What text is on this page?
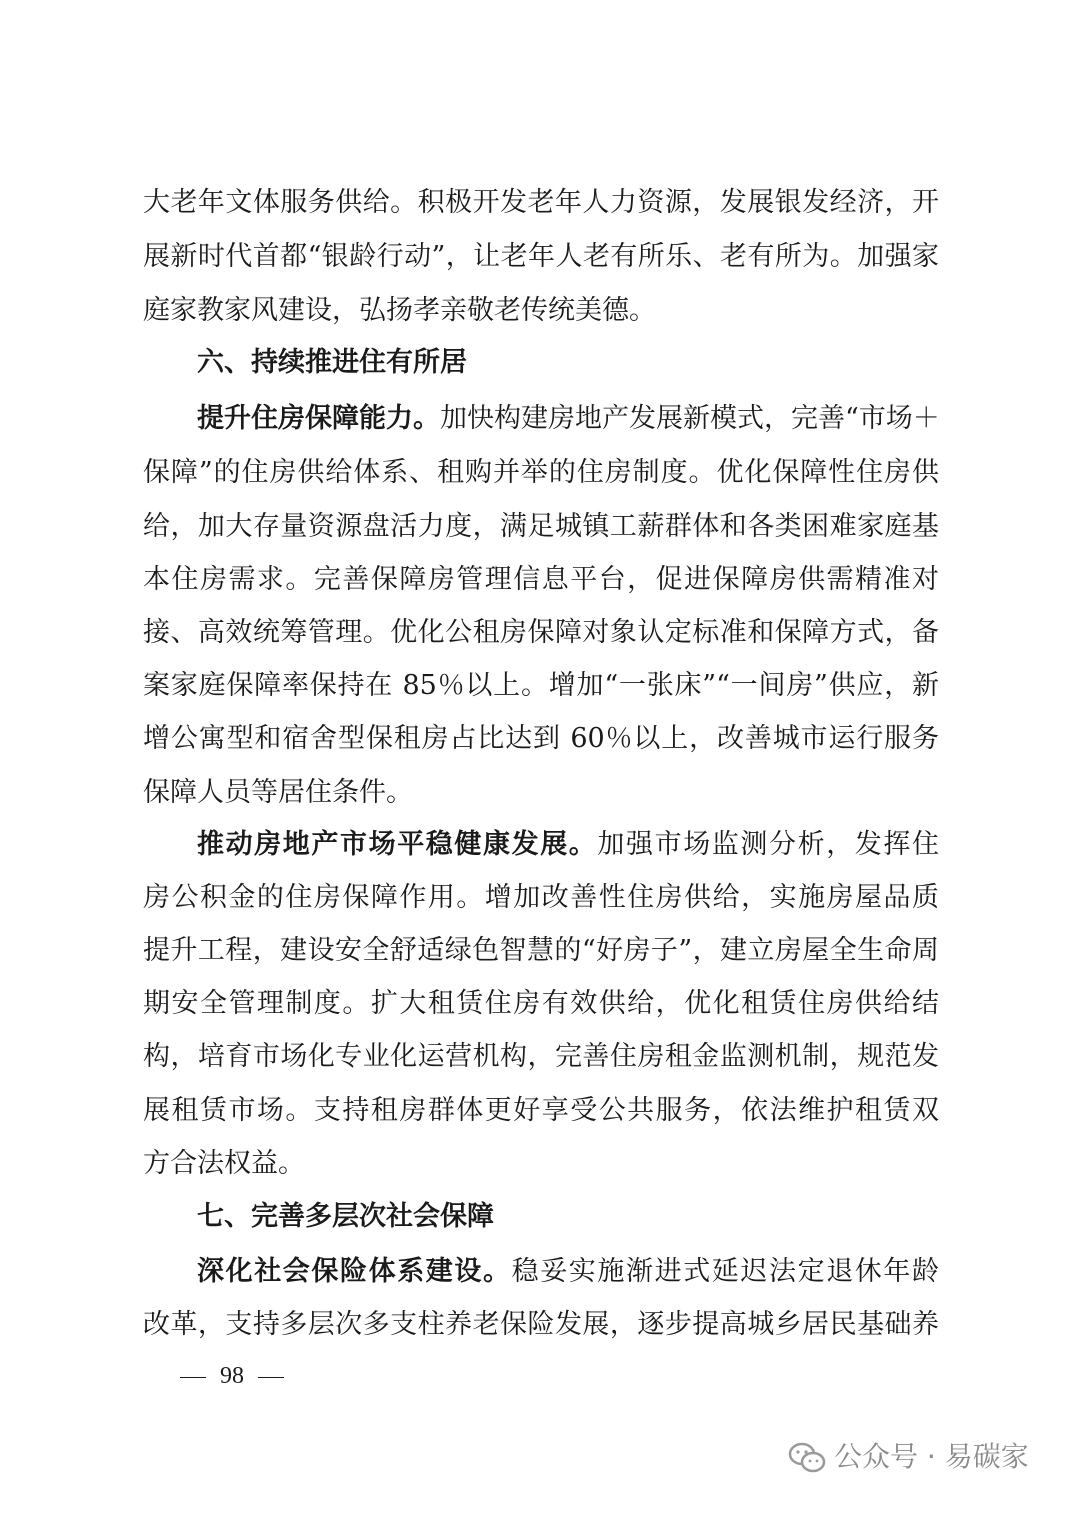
大老年文体服务供给。积极开发老年人力资源，发展银发经济，开
展新时代首都“银龄行动”，让老年人老有所乐、老有所为。加强家
庭家教家风建设，弘扬孝亲敬老传统美德。
六、持续推进住有所居
提升住房保障能力。加快构建房地产发展新模式，完善“市场＋
保障”的住房供给体系、租购并举的住房制度。优化保障性住房供
给，加大存量资源盘活力度，满足城镇工薪群体和各类困难家庭基
本住房需求。完善保障房管理信息平台，促进保障房供需精准对
接、高效统筹管理。优化公租房保障对象认定标准和保障方式，备
案家庭保障率保持在 85％以上。增加“一张床”“一间房”供应，新
增公寓型和宿舍型保租房占比达到 60％以上，改善城市运行服务
保障人员等居住条件。
推动房地产市场平稳健康发展。加强市场监测分析，发挥住
房公积金的住房保障作用。增加改善性住房供给，实施房屋品质
提升工程，建设安全舒适绿色智慧的“好房子”，建立房屋全生命周
期安全管理制度。扩大租赁住房有效供给，优化租赁住房供给结
构，培育市场化专业化运营机构，完善住房租金监测机制，规范发
展租赁市场。支持租房群体更好享受公共服务，依法维护租赁双
方合法权益。
七、完善多层次社会保障
深化社会保险体系建设。稳妥实施渐进式延迟法定退休年龄
改革，支持多层次多支柱养老保险发展，逐步提高城乡居民基础养
98
公众号 · 易碳家
